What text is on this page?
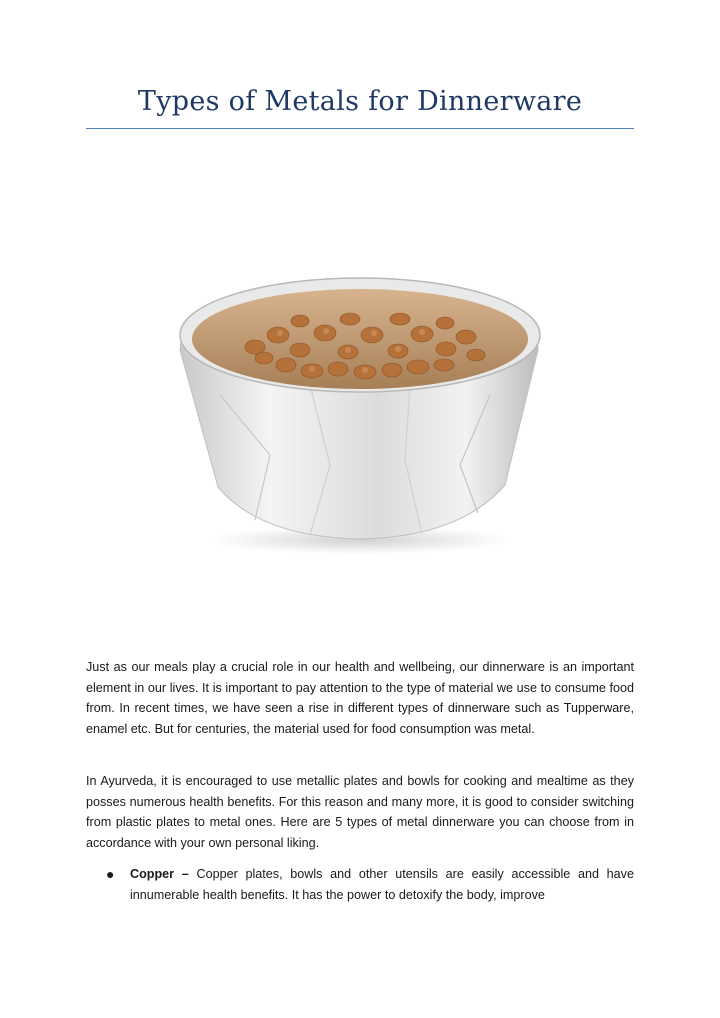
Types of Metals for Dinnerware

Just as our meals play a crucial role in our health and wellbeing, our dinnerware is an important element in our lives. It is important to pay attention to the type of material we use to consume food from. In recent times, we have seen a rise in different types of dinnerware such as Tupperware, enamel etc. But for centuries, the material used for food consumption was metal.

In Ayurveda, it is encouraged to use metallic plates and bowls for cooking and mealtime as they posses numerous health benefits. For this reason and many more, it is good to consider switching from plastic plates to metal ones. Here are 5 types of metal dinnerware you can choose from in accordance with your own personal liking.

● Copper – Copper plates, bowls and other utensils are easily accessible and have innumerable health benefits. It has the power to detoxify the body, improve
